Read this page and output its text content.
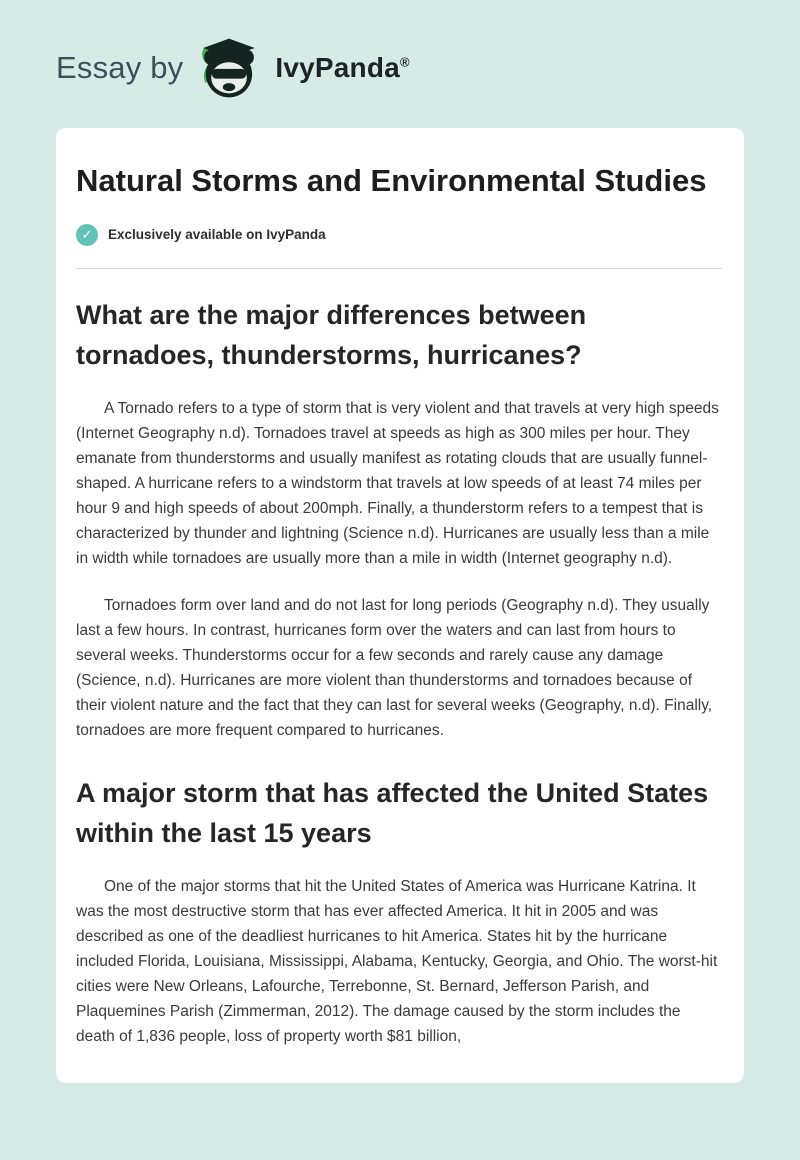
Essay by	IvyPanda®
Natural Storms and Environmental Studies
✓	Exclusively available on IvyPanda
What are the major differences between tornadoes, thunderstorms, hurricanes?

A Tornado refers to a type of storm that is very violent and that travels at very high speeds (Internet Geography n.d). Tornadoes travel at speeds as high as 300 miles per hour. They emanate from thunderstorms and usually manifest as rotating clouds that are usually funnel-shaped. A hurricane refers to a windstorm that travels at low speeds of at least 74 miles per hour 9 and high speeds of about 200mph. Finally, a thunderstorm refers to a tempest that is characterized by thunder and lightning (Science n.d). Hurricanes are usually less than a mile in width while tornadoes are usually more than a mile in width (Internet geography n.d).

Tornadoes form over land and do not last for long periods (Geography n.d). They usually last a few hours. In contrast, hurricanes form over the waters and can last from hours to several weeks. Thunderstorms occur for a few seconds and rarely cause any damage (Science, n.d). Hurricanes are more violent than thunderstorms and tornadoes because of their violent nature and the fact that they can last for several weeks (Geography, n.d). Finally, tornadoes are more frequent compared to hurricanes.

A major storm that has affected the United States within the last 15 years

One of the major storms that hit the United States of America was Hurricane Katrina. It was the most destructive storm that has ever affected America. It hit in 2005 and was described as one of the deadliest hurricanes to hit America. States hit by the hurricane included Florida, Louisiana, Mississippi, Alabama, Kentucky, Georgia, and Ohio. The worst-hit cities were New Orleans, Lafourche, Terrebonne, St. Bernard, Jefferson Parish, and Plaquemines Parish (Zimmerman, 2012). The damage caused by the storm includes the death of 1,836 people, loss of property worth $81 billion,
